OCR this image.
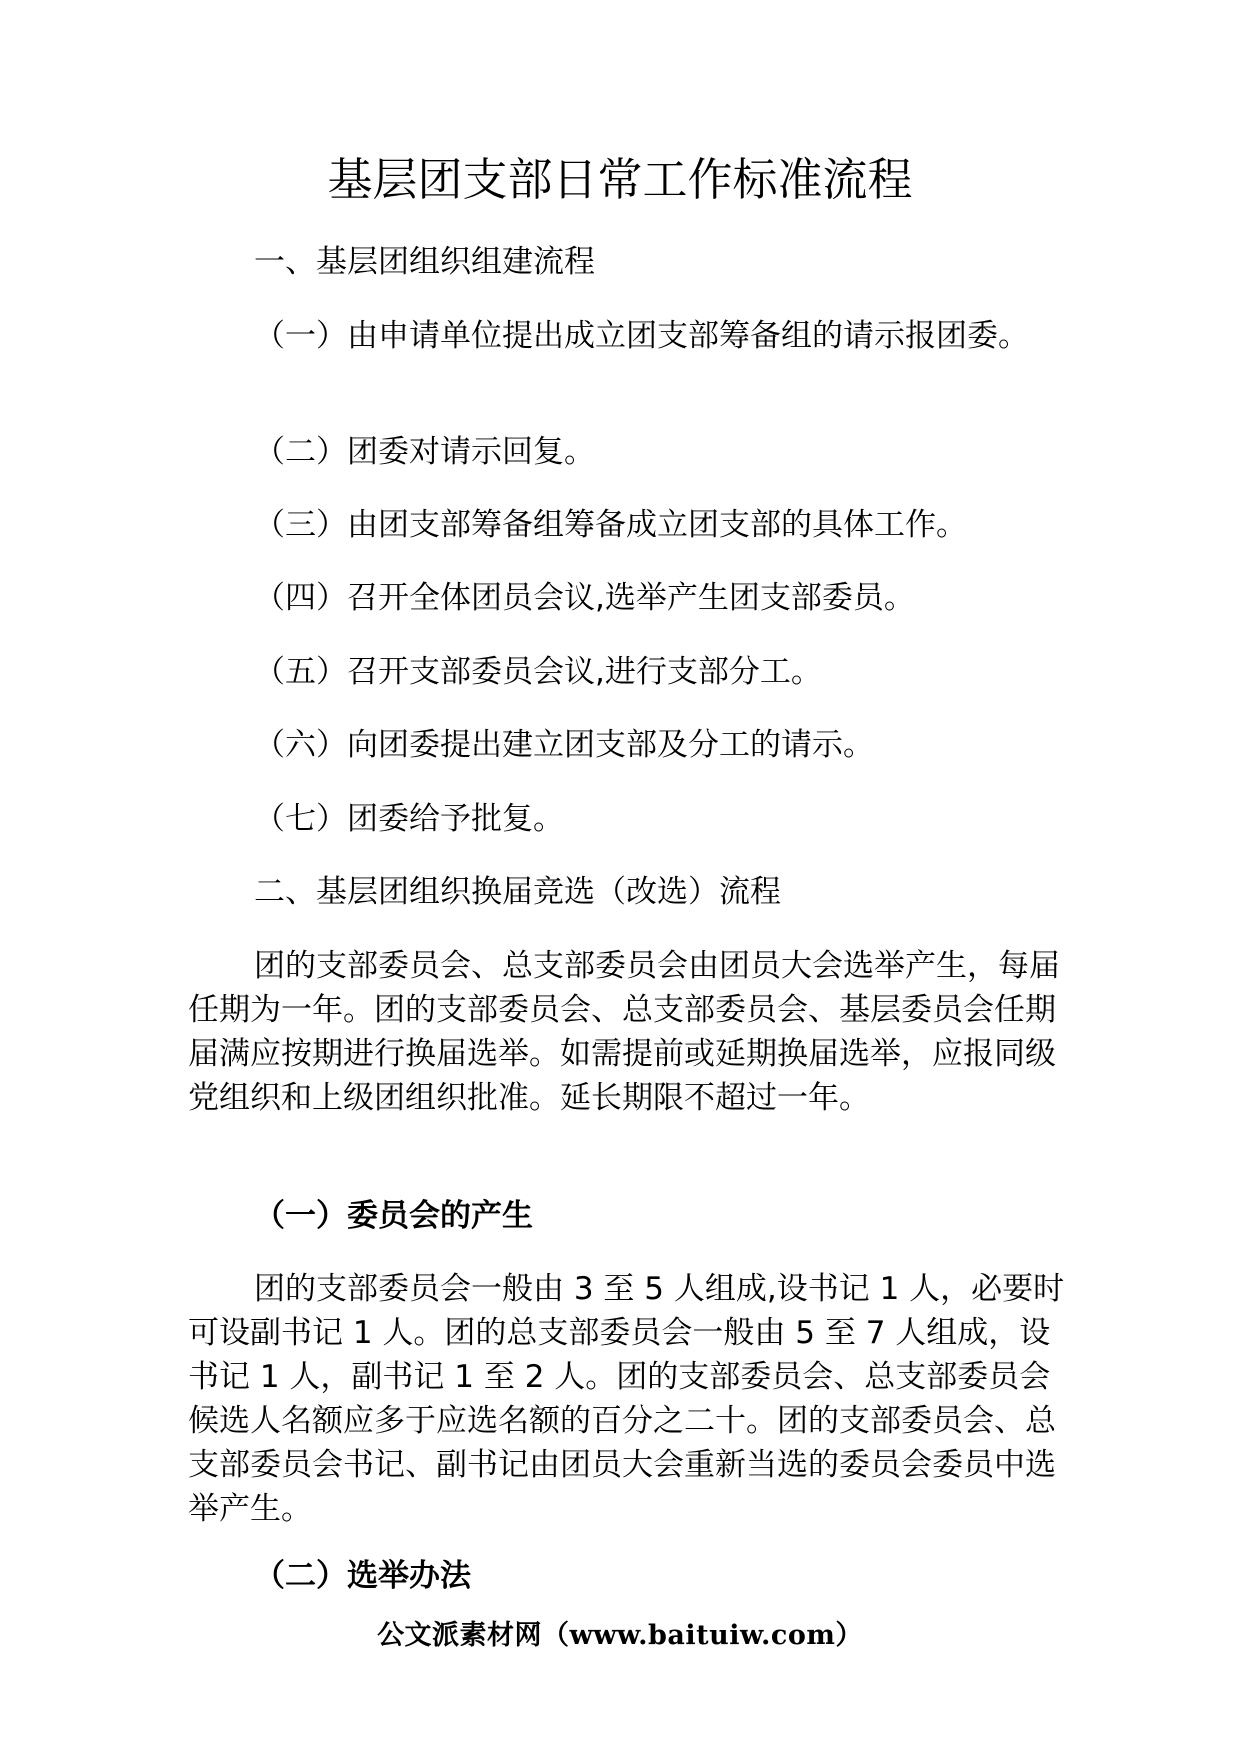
基层团支部日常工作标准流程

一、基层团组织组建流程

（一）由申请单位提出成立团支部筹备组的请示报团委。

（二）团委对请示回复。

（三）由团支部筹备组筹备成立团支部的具体工作。

（四）召开全体团员会议,选举产生团支部委员。

（五）召开支部委员会议,进行支部分工。

（六）向团委提出建立团支部及分工的请示。

（七）团委给予批复。

二、基层团组织换届竞选（改选）流程

团的支部委员会、总支部委员会由团员大会选举产生，每届任期为一年。团的支部委员会、总支部委员会、基层委员会任期届满应按期进行换届选举。如需提前或延期换届选举，应报同级党组织和上级团组织批准。延长期限不超过一年。

（一）委员会的产生

团的支部委员会一般由 3 至 5 人组成,设书记 1 人，必要时可设副书记 1 人。团的总支部委员会一般由 5 至 7 人组成，设书记 1 人，副书记 1 至 2 人。团的支部委员会、总支部委员会候选人名额应多于应选名额的百分之二十。团的支部委员会、总支部委员会书记、副书记由团员大会重新当选的委员会委员中选举产生。

（二）选举办法

公文派素材网（www.baituiw.com）
